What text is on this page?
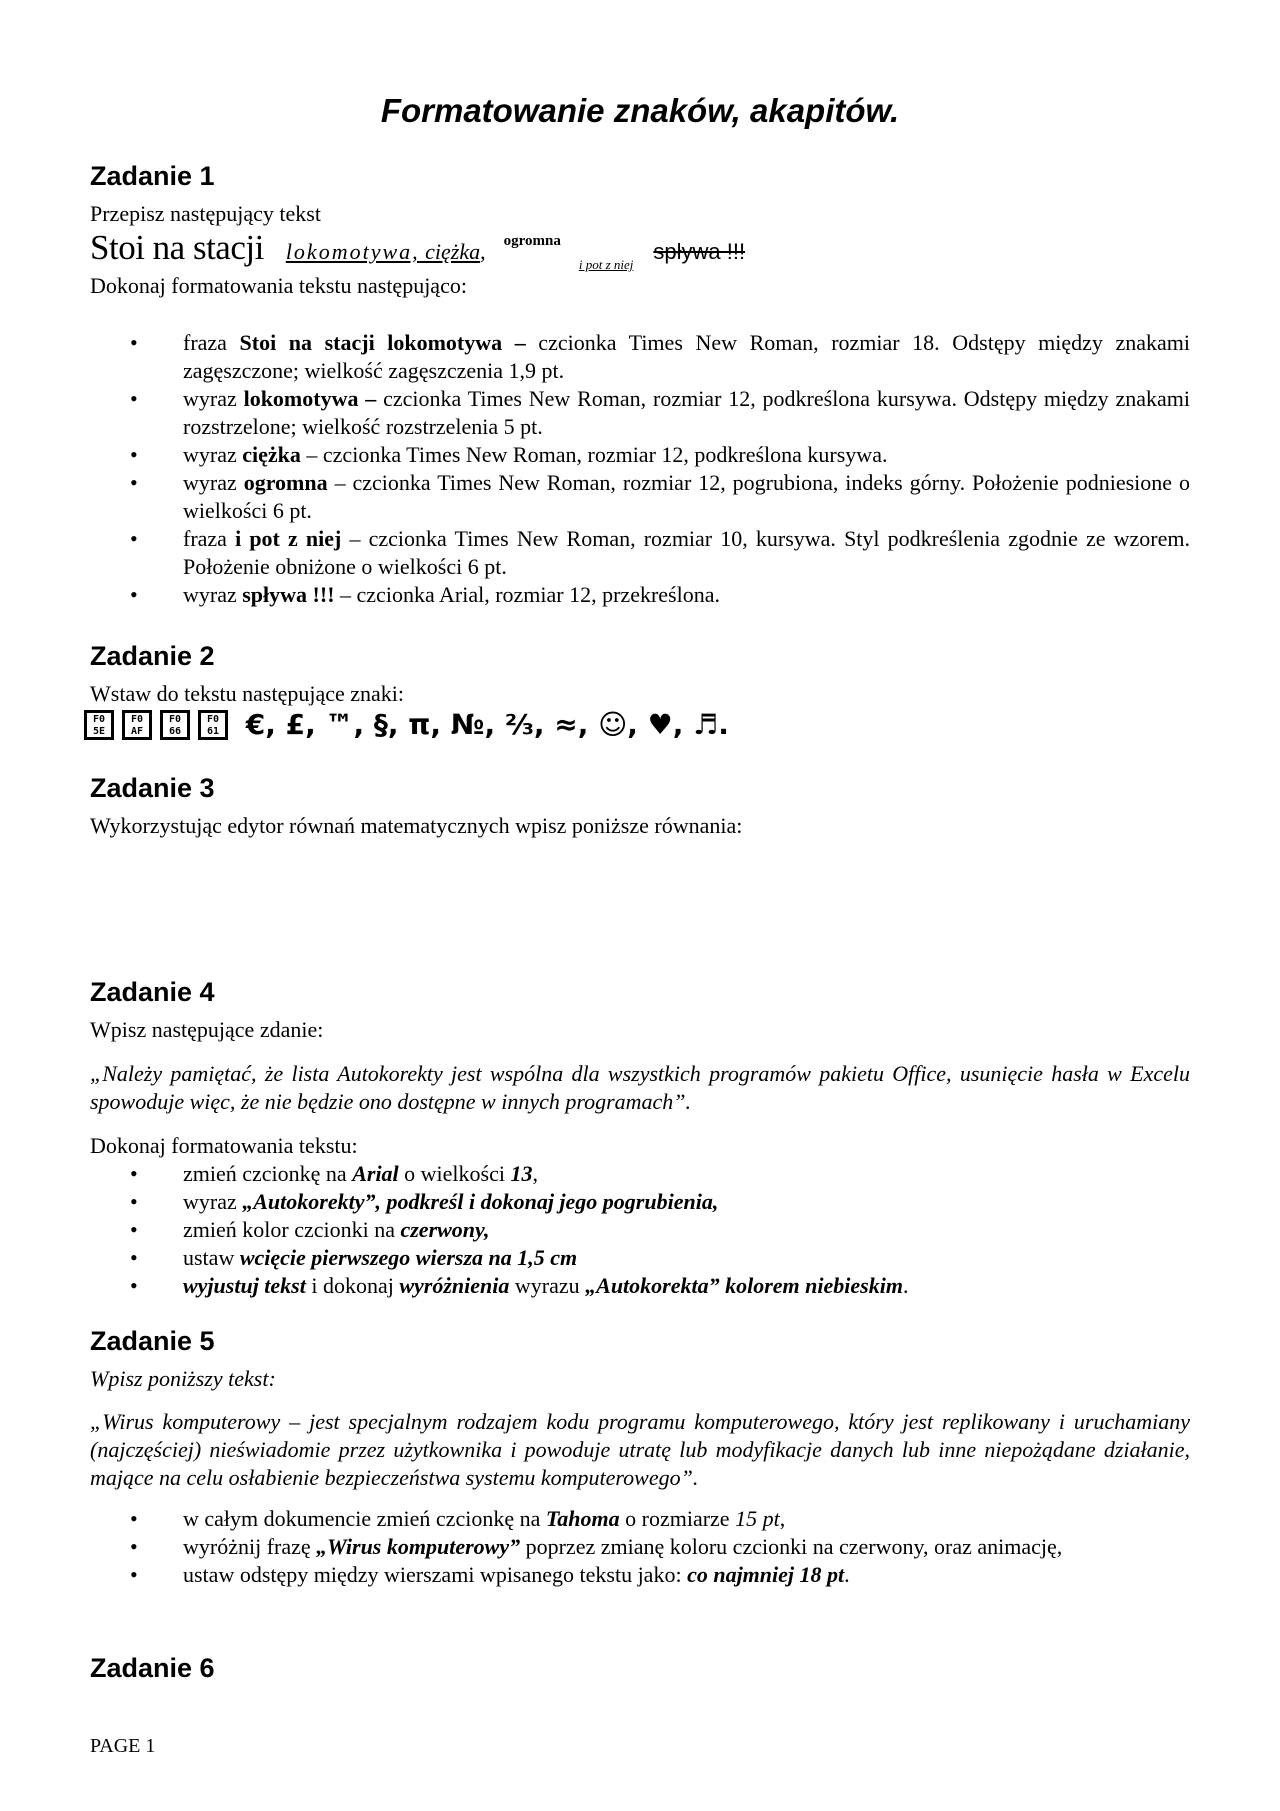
Formatowanie znaków, akapitów.
Zadanie 1

Przepisz następujący tekst

Stoi na stacji lokomotywa, ciężka, ogromna$_{i pot z niej}$spływa !!!

Dokonaj formatowania tekstu następująco:

• fraza Stoi na stacji lokomotywa – czcionka Times New Roman, rozmiar 18. Odstępy między znakami zagęszczone; wielkość zagęszczenia 1,9 pt.
• wyraz lokomotywa – czcionka Times New Roman, rozmiar 12, podkreślona kursywa. Odstępy między znakami rozstrzelone; wielkość rozstrzelenia 5 pt.
• wyraz ciężka – czcionka Times New Roman, rozmiar 12, podkreślona kursywa.
• wyraz ogromna – czcionka Times New Roman, rozmiar 12, pogrubiona, indeks górny. Położenie podniesione o wielkości 6 pt.
• fraza i pot z niej – czcionka Times New Roman, rozmiar 10, kursywa. Styl podkreślenia zgodnie ze wzorem. Położenie obniżone o wielkości 6 pt.
• wyraz spływa !!! – czcionka Arial, rozmiar 12, przekreślona.
Zadanie 2

Wstaw do tekstu następujące znaki:

F0
5E
F0
AF
F0
66
F0
61 €, £, ™, §, π, №, ⅔, ≈, ☺, ♥, ♬.
Zadanie 3

Wykorzystując edytor równań matematycznych wpisz poniższe równania:

Zadanie 4

Wpisz następujące zdanie:

„Należy pamiętać, że lista Autokorekty jest wspólna dla wszystkich programów pakietu Office, usunięcie hasła w Excelu spowoduje więc, że nie będzie ono dostępne w innych programach”.

Dokonaj formatowania tekstu:

• zmień czcionkę na Arial o wielkości 13,
• wyraz „Autokorekty”, podkreśl i dokonaj jego pogrubienia,
• zmień kolor czcionki na czerwony,
• ustaw wcięcie pierwszego wiersza na 1,5 cm
• wyjustuj tekst i dokonaj wyróżnienia wyrazu „Autokorekta” kolorem niebieskim.
Zadanie 5

Wpisz poniższy tekst:

„Wirus komputerowy – jest specjalnym rodzajem kodu programu komputerowego, który jest replikowany i uruchamiany (najczęściej) nieświadomie przez użytkownika i powoduje utratę lub modyfikacje danych lub inne niepożądane działanie, mające na celu osłabienie bezpieczeństwa systemu komputerowego”.

• w całym dokumencie zmień czcionkę na Tahoma o rozmiarze 15 pt,
• wyróżnij frazę „Wirus komputerowy” poprzez zmianę koloru czcionki na czerwony, oraz animację,
• ustaw odstępy między wierszami wpisanego tekstu jako: co najmniej 18 pt.
Zadanie 6
PAGE 1
